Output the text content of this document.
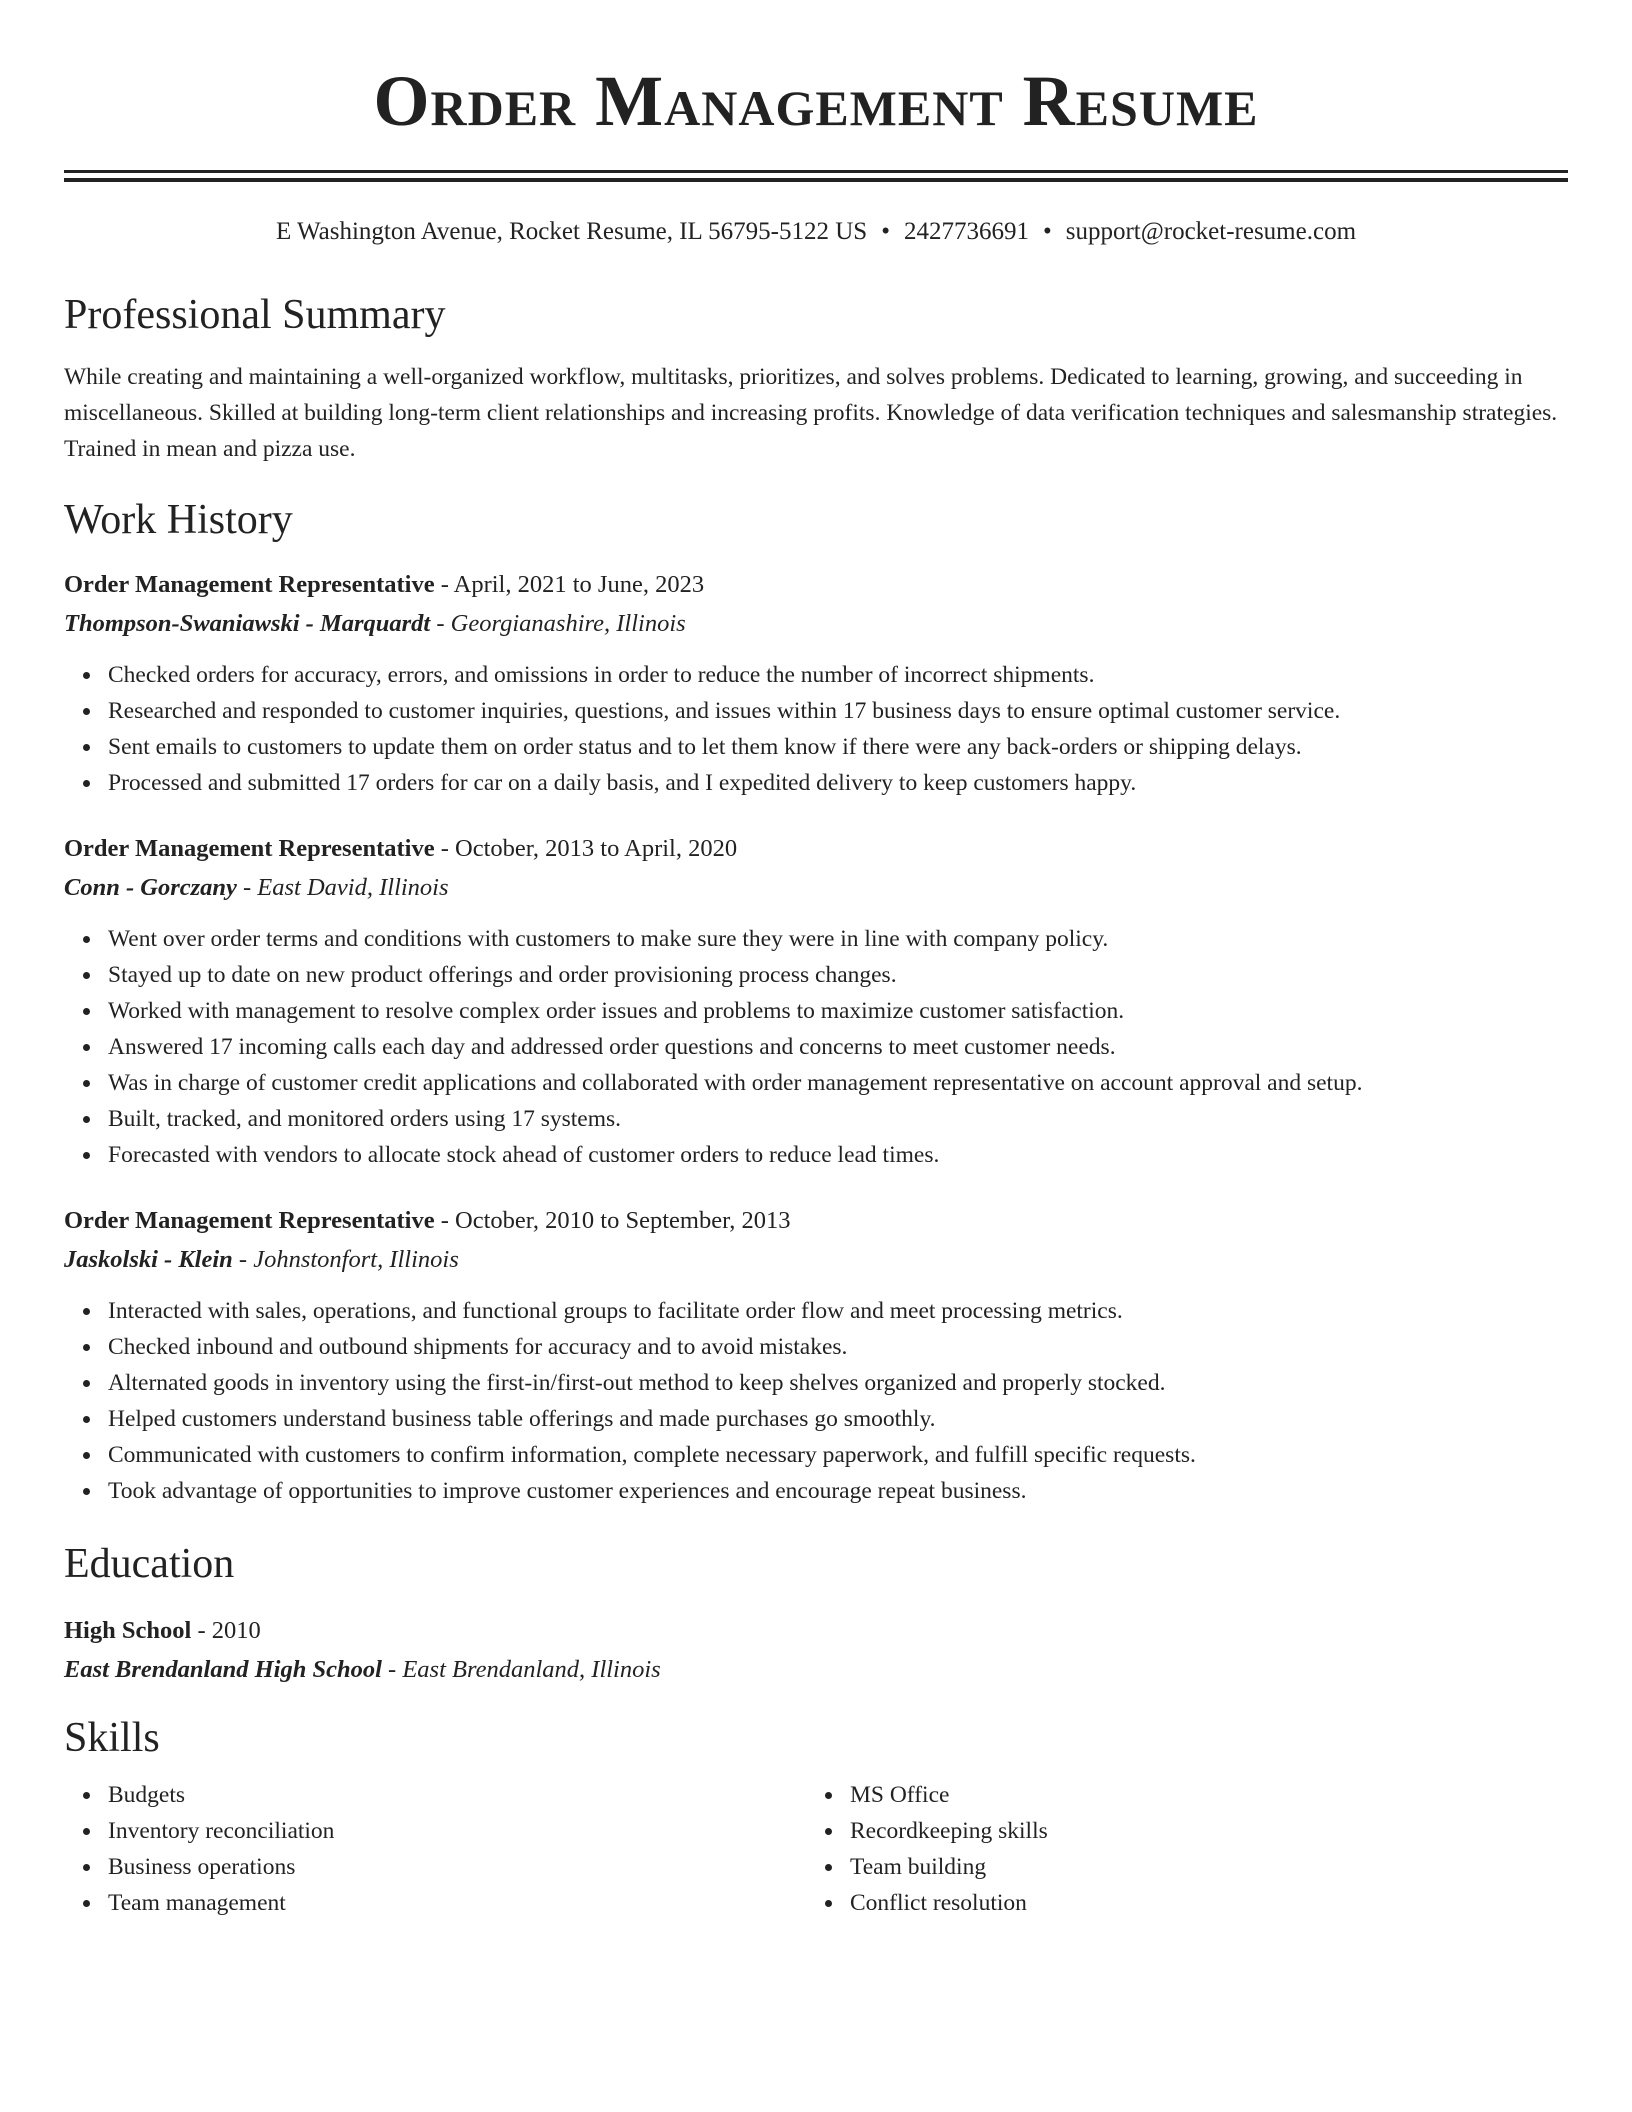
Order Management Resume
E Washington Avenue, Rocket Resume, IL 56795-5122 US • 2427736691 • support@rocket-resume.com
Professional Summary

While creating and maintaining a well-organized workflow, multitasks, prioritizes, and solves problems. Dedicated to learning, growing, and succeeding in miscellaneous. Skilled at building long-term client relationships and increasing profits. Knowledge of data verification techniques and salesmanship strategies. Trained in mean and pizza use.

Work History

Order Management Representative - April, 2021 to June, 2023

Thompson-Swaniawski - Marquardt - Georgianashire, Illinois

Checked orders for accuracy, errors, and omissions in order to reduce the number of incorrect shipments.
Researched and responded to customer inquiries, questions, and issues within 17 business days to ensure optimal customer service.
Sent emails to customers to update them on order status and to let them know if there were any back-orders or shipping delays.
Processed and submitted 17 orders for car on a daily basis, and I expedited delivery to keep customers happy.

Order Management Representative - October, 2013 to April, 2020

Conn - Gorczany - East David, Illinois

Went over order terms and conditions with customers to make sure they were in line with company policy.
Stayed up to date on new product offerings and order provisioning process changes.
Worked with management to resolve complex order issues and problems to maximize customer satisfaction.
Answered 17 incoming calls each day and addressed order questions and concerns to meet customer needs.
Was in charge of customer credit applications and collaborated with order management representative on account approval and setup.
Built, tracked, and monitored orders using 17 systems.
Forecasted with vendors to allocate stock ahead of customer orders to reduce lead times.

Order Management Representative - October, 2010 to September, 2013

Jaskolski - Klein - Johnstonfort, Illinois

Interacted with sales, operations, and functional groups to facilitate order flow and meet processing metrics.
Checked inbound and outbound shipments for accuracy and to avoid mistakes.
Alternated goods in inventory using the first-in/first-out method to keep shelves organized and properly stocked.
Helped customers understand business table offerings and made purchases go smoothly.
Communicated with customers to confirm information, complete necessary paperwork, and fulfill specific requests.
Took advantage of opportunities to improve customer experiences and encourage repeat business.
Education

High School - 2010

East Brendanland High School - East Brendanland, Illinois

Skills
Budgets
Inventory reconciliation
Business operations
Team management
MS Office
Recordkeeping skills
Team building
Conflict resolution
